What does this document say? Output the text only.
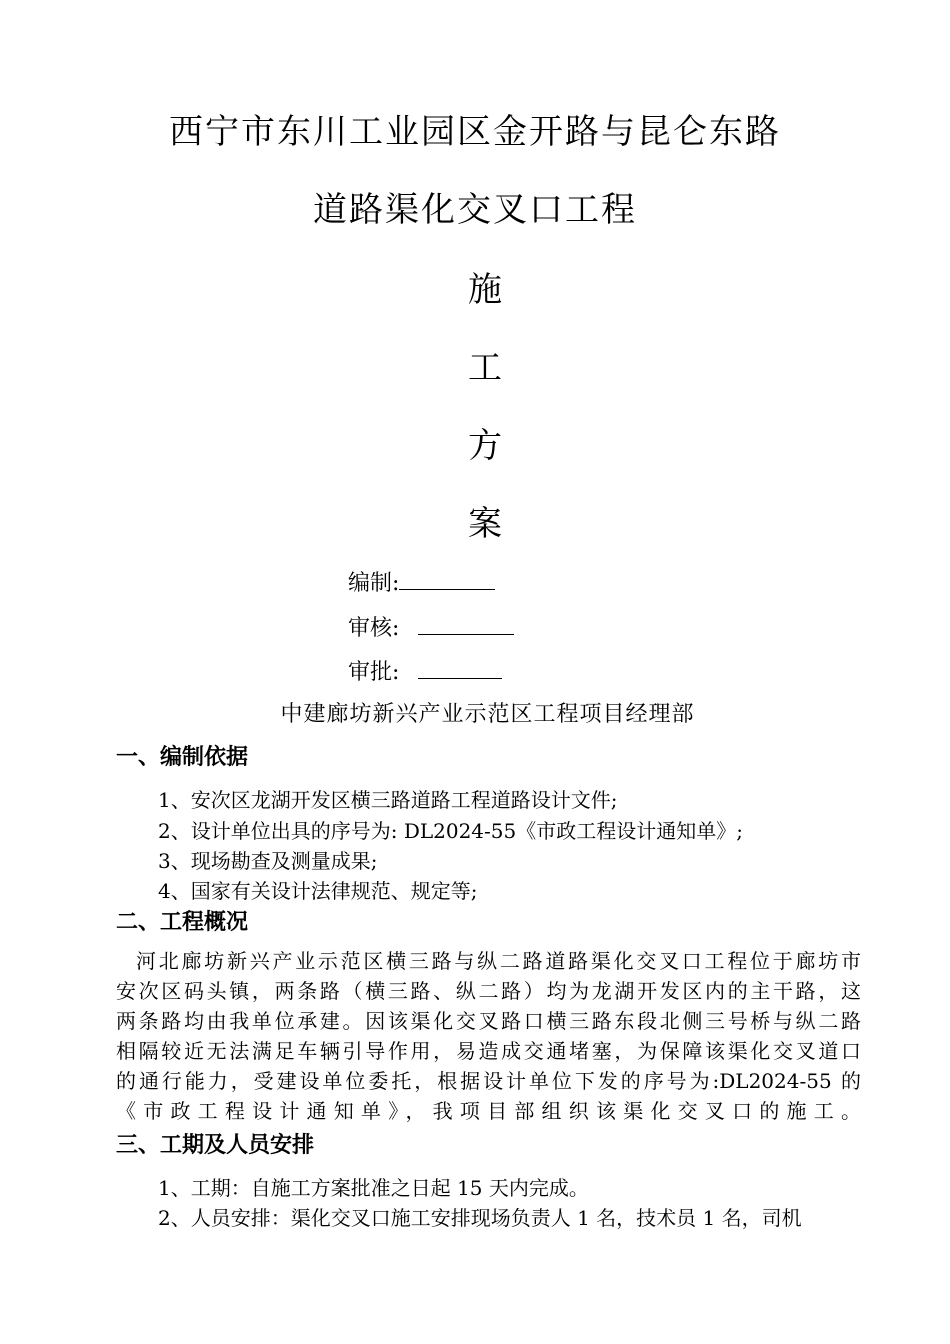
西宁市东川工业园区金开路与昆仑东路
道路渠化交叉口工程
施
工
方
案
编制:
审核:
审批:
中建廊坊新兴产业示范区工程项目经理部
一、编制依据
1、安次区龙湖开发区横三路道路工程道路设计文件;
2、设计单位出具的序号为: DL2024-55《市政工程设计通知单》;
3、现场勘查及测量成果;
4、国家有关设计法律规范、规定等;
二、工程概况
河北廊坊新兴产业示范区横三路与纵二路道路渠化交叉口工程位于廊坊市
安次区码头镇，两条路（横三路、纵二路）均为龙湖开发区内的主干路，这
两条路均由我单位承建。因该渠化交叉路口横三路东段北侧三号桥与纵二路
相隔较近无法满足车辆引导作用，易造成交通堵塞，为保障该渠化交叉道口
的通行能力，受建设单位委托，根据设计单位下发的序号为:DL2024-55 的
《市政工程设计通知单》，我项目部组织该渠化交叉口的施工。
三、工期及人员安排
1、工期：自施工方案批准之日起 15 天内完成。
2、人员安排：渠化交叉口施工安排现场负责人 1 名，技术员 1 名，司机
